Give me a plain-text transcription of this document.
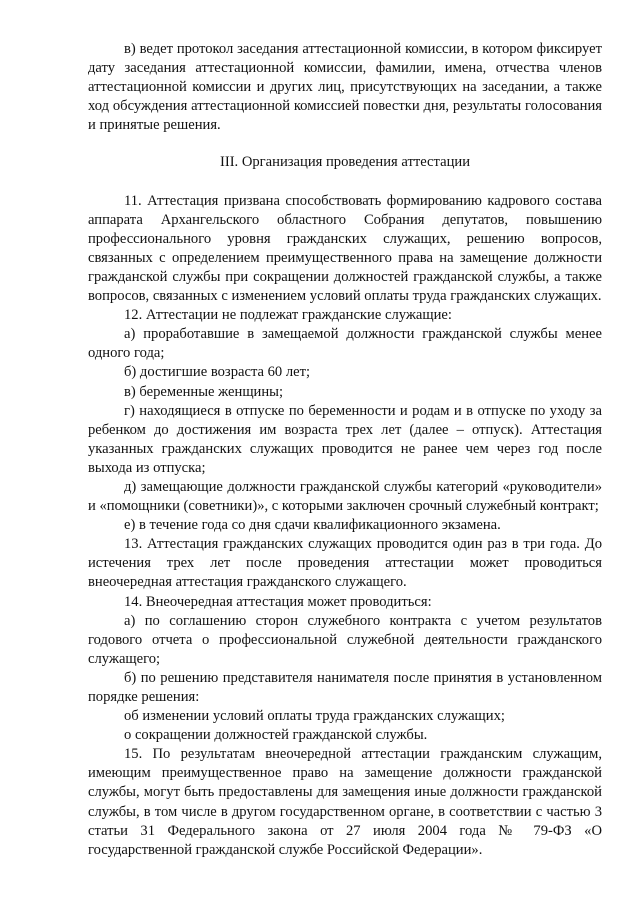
в) ведет протокол заседания аттестационной комиссии, в котором фиксирует дату заседания аттестационной комиссии, фамилии, имена, отчества членов аттестационной комиссии и других лиц, присутствующих на заседании, а также ход обсуждения аттестационной комиссией повестки дня, результаты голосования и принятые решения.

III. Организация проведения аттестации

11. Аттестация призвана способствовать формированию кадрового состава аппарата Архангельского областного Собрания депутатов, повышению профессионального уровня гражданских служащих, решению вопросов, связанных с определением преимущественного права на замещение должности гражданской службы при сокращении должностей гражданской службы, а также вопросов, связанных с изменением условий оплаты труда гражданских служащих.

12. Аттестации не подлежат гражданские служащие:

а) проработавшие в замещаемой должности гражданской службы менее одного года;

б) достигшие возраста 60 лет;

в) беременные женщины;

г) находящиеся в отпуске по беременности и родам и в отпуске по уходу за ребенком до достижения им возраста трех лет (далее – отпуск). Аттестация указанных гражданских служащих проводится не ранее чем через год после выхода из отпуска;

д) замещающие должности гражданской службы категорий «руководители» и «помощники (советники)», с которыми заключен срочный служебный контракт;

е) в течение года со дня сдачи квалификационного экзамена.

13. Аттестация гражданских служащих проводится один раз в три года. До истечения трех лет после проведения аттестации может проводиться внеочередная аттестация гражданского служащего.

14. Внеочередная аттестация может проводиться:

а) по соглашению сторон служебного контракта с учетом результатов годового отчета о профессиональной служебной деятельности гражданского служащего;

б) по решению представителя нанимателя после принятия в установленном порядке решения:

об изменении условий оплаты труда гражданских служащих;

о сокращении должностей гражданской службы.

15. По результатам внеочередной аттестации гражданским служащим, имеющим преимущественное право на замещение должности гражданской службы, могут быть предоставлены для замещения иные должности гражданской службы, в том числе в другом государственном органе, в соответствии с частью 3 статьи 31 Федерального закона от 27 июля 2004 года № 79-ФЗ «О государственной гражданской службе Российской Федерации».
